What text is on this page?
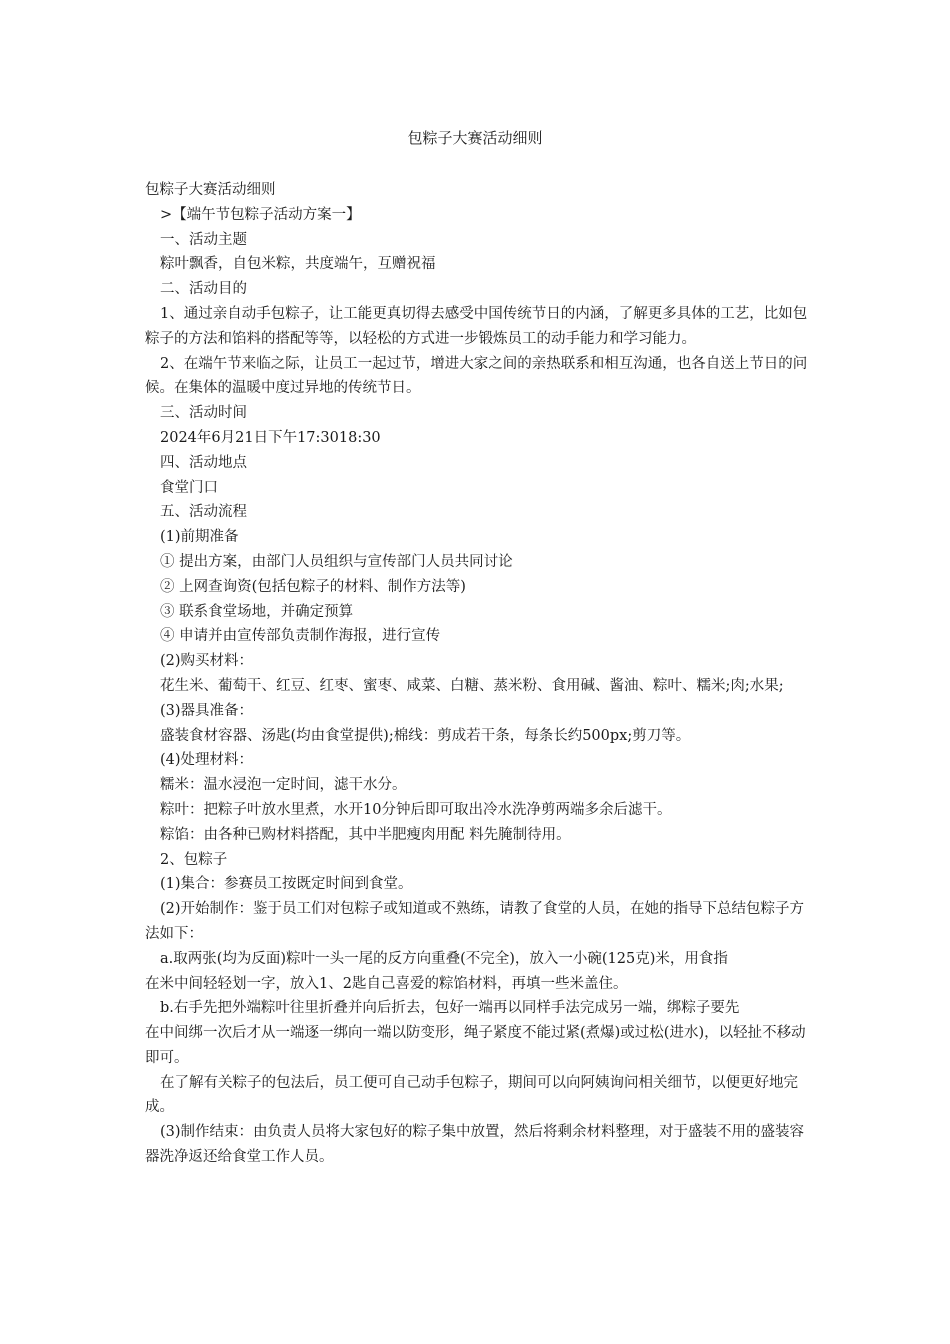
包粽子大赛活动细则

包粽子大赛活动细则

>【端午节包粽子活动方案一】

一、活动主题

粽叶飘香，自包米粽，共度端午，互赠祝福

二、活动目的

1、通过亲自动手包粽子，让工能更真切得去感受中国传统节日的内涵，了解更多具体的工艺，比如包粽子的方法和馅料的搭配等等，以轻松的方式进一步锻炼员工的动手能力和学习能力。

2、在端午节来临之际，让员工一起过节，增进大家之间的亲热联系和相互沟通，也各自送上节日的问候。在集体的温暖中度过异地的传统节日。

三、活动时间

2024年6月21日下午17:3018:30

四、活动地点

食堂门口

五、活动流程

(1)前期准备

① 提出方案，由部门人员组织与宣传部门人员共同讨论

② 上网查询资(包括包粽子的材料、制作方法等)

③ 联系食堂场地，并确定预算

④ 申请并由宣传部负责制作海报，进行宣传

(2)购买材料：

花生米、葡萄干、红豆、红枣、蜜枣、咸菜、白糖、蒸米粉、食用碱、酱油、粽叶、糯米;肉;水果;

(3)器具准备：

盛装食材容器、汤匙(均由食堂提供);棉线：剪成若干条，每条长约500px;剪刀等。

(4)处理材料：

糯米：温水浸泡一定时间，滤干水分。

粽叶：把粽子叶放水里煮，水开10分钟后即可取出冷水洗净剪两端多余后滤干。

粽馅：由各种已购材料搭配，其中半肥瘦肉用配 料先腌制待用。

2、包粽子

(1)集合：参赛员工按既定时间到食堂。

(2)开始制作：鉴于员工们对包粽子或知道或不熟练，请教了食堂的人员，在她的指导下总结包粽子方法如下：

a.取两张(均为反面)粽叶一头一尾的反方向重叠(不完全)，放入一小碗(125克)米，用食指

在米中间轻轻划一字，放入1、2匙自己喜爱的粽馅材料，再填一些米盖住。

b.右手先把外端粽叶往里折叠并向后折去，包好一端再以同样手法完成另一端，绑粽子要先

在中间绑一次后才从一端逐一绑向一端以防变形，绳子紧度不能过紧(煮爆)或过松(进水)，以轻扯不移动即可。

在了解有关粽子的包法后，员工便可自己动手包粽子，期间可以向阿姨询问相关细节，以便更好地完成。

(3)制作结束：由负责人员将大家包好的粽子集中放置，然后将剩余材料整理，对于盛装不用的盛装容器洗净返还给食堂工作人员。
